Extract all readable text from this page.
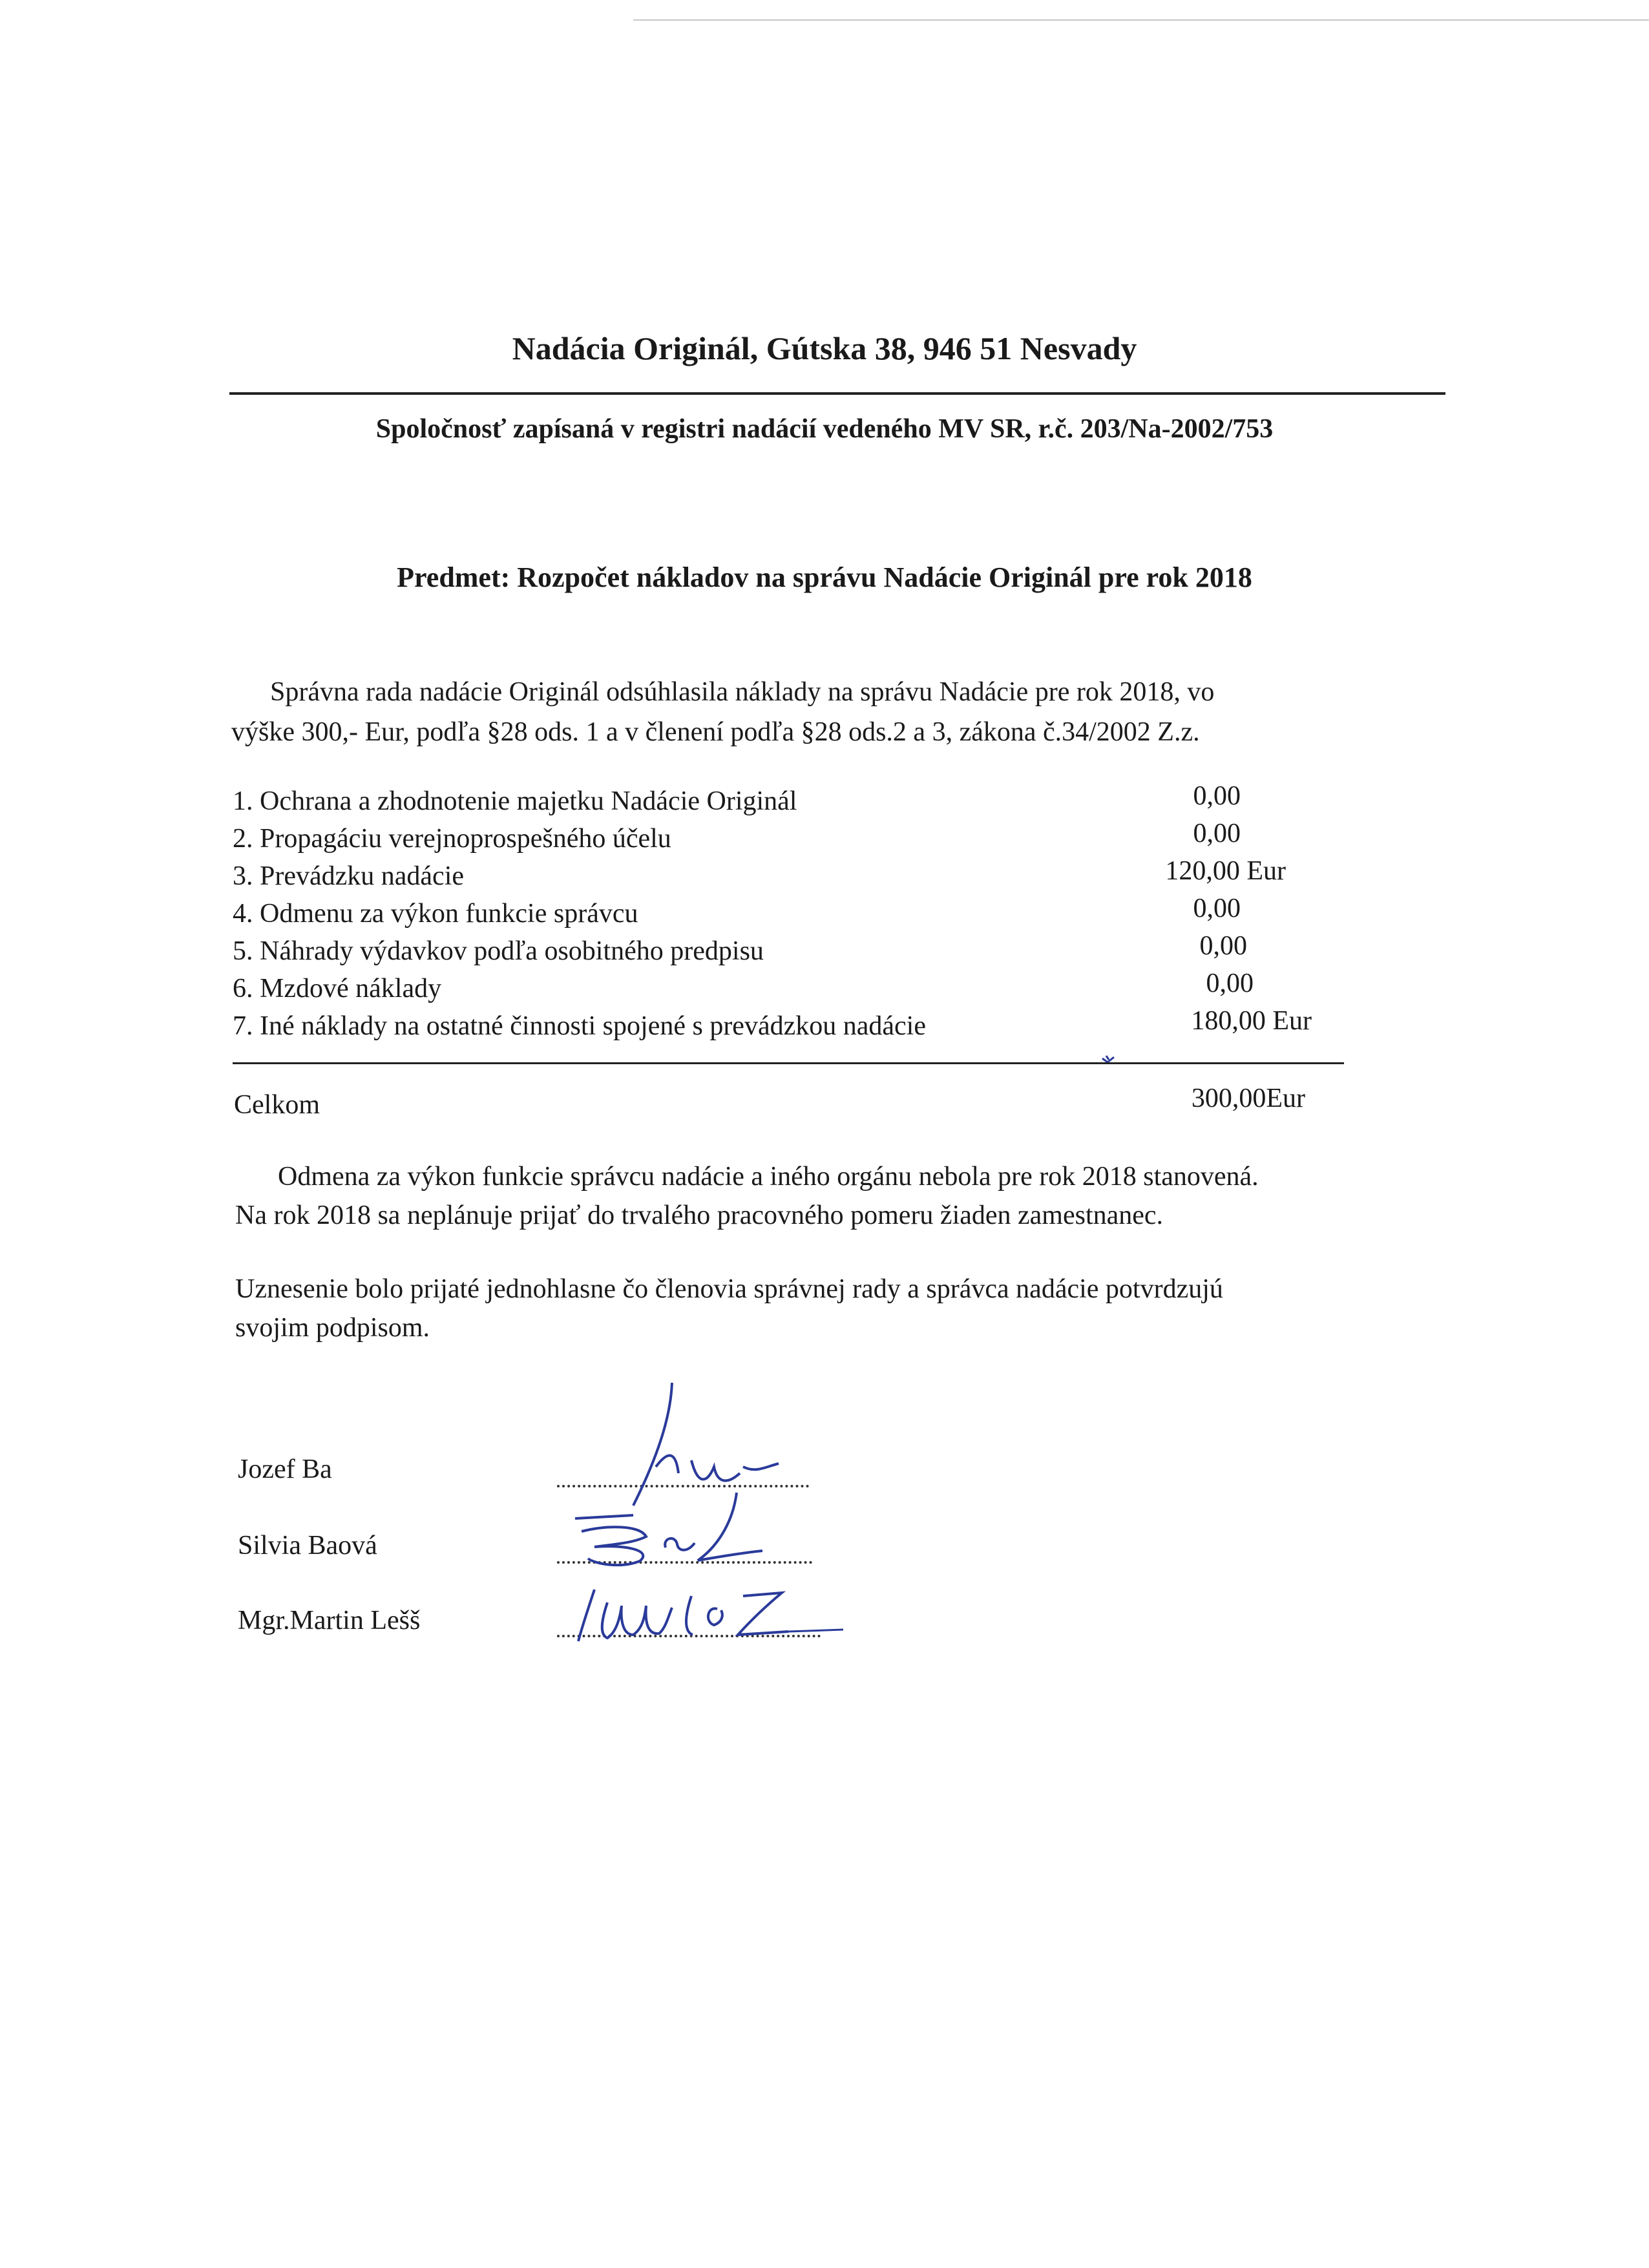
Nadácia Originál, Gútska 38, 946 51 Nesvady
Spoločnosť zapísaná v registri nadácií vedeného MV SR, r.č. 203/Na-2002/753
Predmet: Rozpočet nákladov na správu Nadácie Originál pre rok 2018
Správna rada nadácie Originál odsúhlasila náklady na správu Nadácie pre rok 2018, vo
výške 300,- Eur, podľa §28 ods. 1 a v členení podľa §28 ods.2 a 3, zákona č.34/2002 Z.z.
1. Ochrana a zhodnotenie majetku Nadácie Originál	0,00
2. Propagáciu verejnoprospešného účelu	0,00
3. Prevádzku nadácie	120,00 Eur
4. Odmenu za výkon funkcie správcu	0,00
5. Náhrady výdavkov podľa osobitného predpisu	0,00
6. Mzdové náklady	0,00
7. Iné náklady na ostatné činnosti spojené s prevádzkou nadácie	180,00 Eur
Celkom	300,00Eur
Odmena za výkon funkcie správcu nadácie a iného orgánu nebola pre rok 2018 stanovená.
Na rok 2018 sa neplánuje prijať do trvalého pracovného pomeru žiaden zamestnanec.
Uznesenie bolo prijaté jednohlasne čo členovia správnej rady a správca nadácie potvrdzujú
svojim podpisom.
Jozef Ba
Silvia Baová
Mgr.Martin Lešš
